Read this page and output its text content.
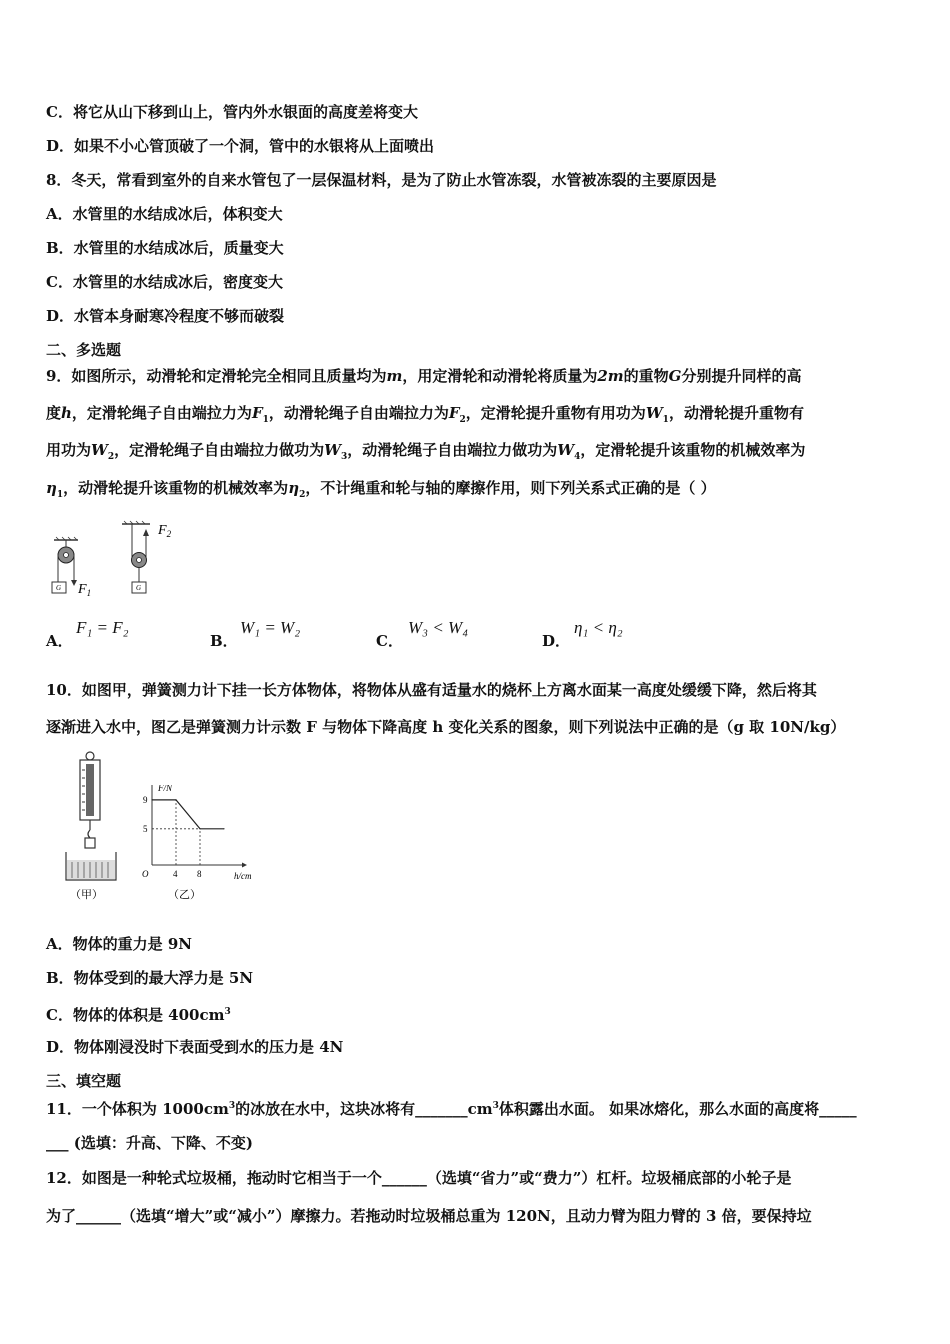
C．将它从山下移到山上，管内外水银面的高度差将变大
D．如果不小心管顶破了一个洞，管中的水银将从上面喷出
8．冬天，常看到室外的自来水管包了一层保温材料，是为了防止水管冻裂，水管被冻裂的主要原因是
A．水管里的水结成冰后，体积变大
B．水管里的水结成冰后，质量变大
C．水管里的水结成冰后，密度变大
D．水管本身耐寒冷程度不够而破裂
二、多选题
9．如图所示，动滑轮和定滑轮完全相同且质量均为m，用定滑轮和动滑轮将质量为2m的重物G分别提升同样的高
度h，定滑轮绳子自由端拉力为$F_1$，动滑轮绳子自由端拉力为$F_2$，定滑轮提升重物有用功为$W_1$，动滑轮提升重物有
用功为$W_2$，定滑轮绳子自由端拉力做功为$W_3$，动滑轮绳子自由端拉力做功为$W_4$，定滑轮提升该重物的机械效率为
$\eta_1$，动滑轮提升该重物的机械效率为$\eta_2$，不计绳重和轮与轴的摩擦作用，则下列关系式正确的是（ ）
G $F_1$	G
$F_2$
A．
F₁ = F₂
B．
W₁ = W₂
C．
W₃ < W₄
D．
η₁ < η₂
10．如图甲，弹簧测力计下挂一长方体物体，将物体从盛有适量水的烧杯上方离水面某一高度处缓缓下降，然后将其
逐渐进入水中，图乙是弹簧测力计示数 F 与物体下降高度 h 变化关系的图象，则下列说法中正确的是（g 取 10N/kg）
（甲）
F/N
h/cm
O
5
9
4 8
（乙）
A．物体的重力是 9N
B．物体受到的最大浮力是 5N
C．物体的体积是 $400cm^3$
D．物体刚浸没时下表面受到水的压力是 4N
三、填空题
11．一个体积为 $1000cm^3$的冰放在水中，这块冰将有$\_\_\_\_\_\_\_cm^3$体积露出水面。 如果冰熔化，那么水面的高度将_____
___ (选填：升高、下降、不变)
12．如图是一种轮式垃圾桶，拖动时它相当于一个______（选填“省力”或“费力”）杠杆。垃圾桶底部的小轮子是
为了______（选填“增大”或“减小”）摩擦力。若拖动时垃圾桶总重为 120N，且动力臂为阻力臂的 3 倍，要保持垃
